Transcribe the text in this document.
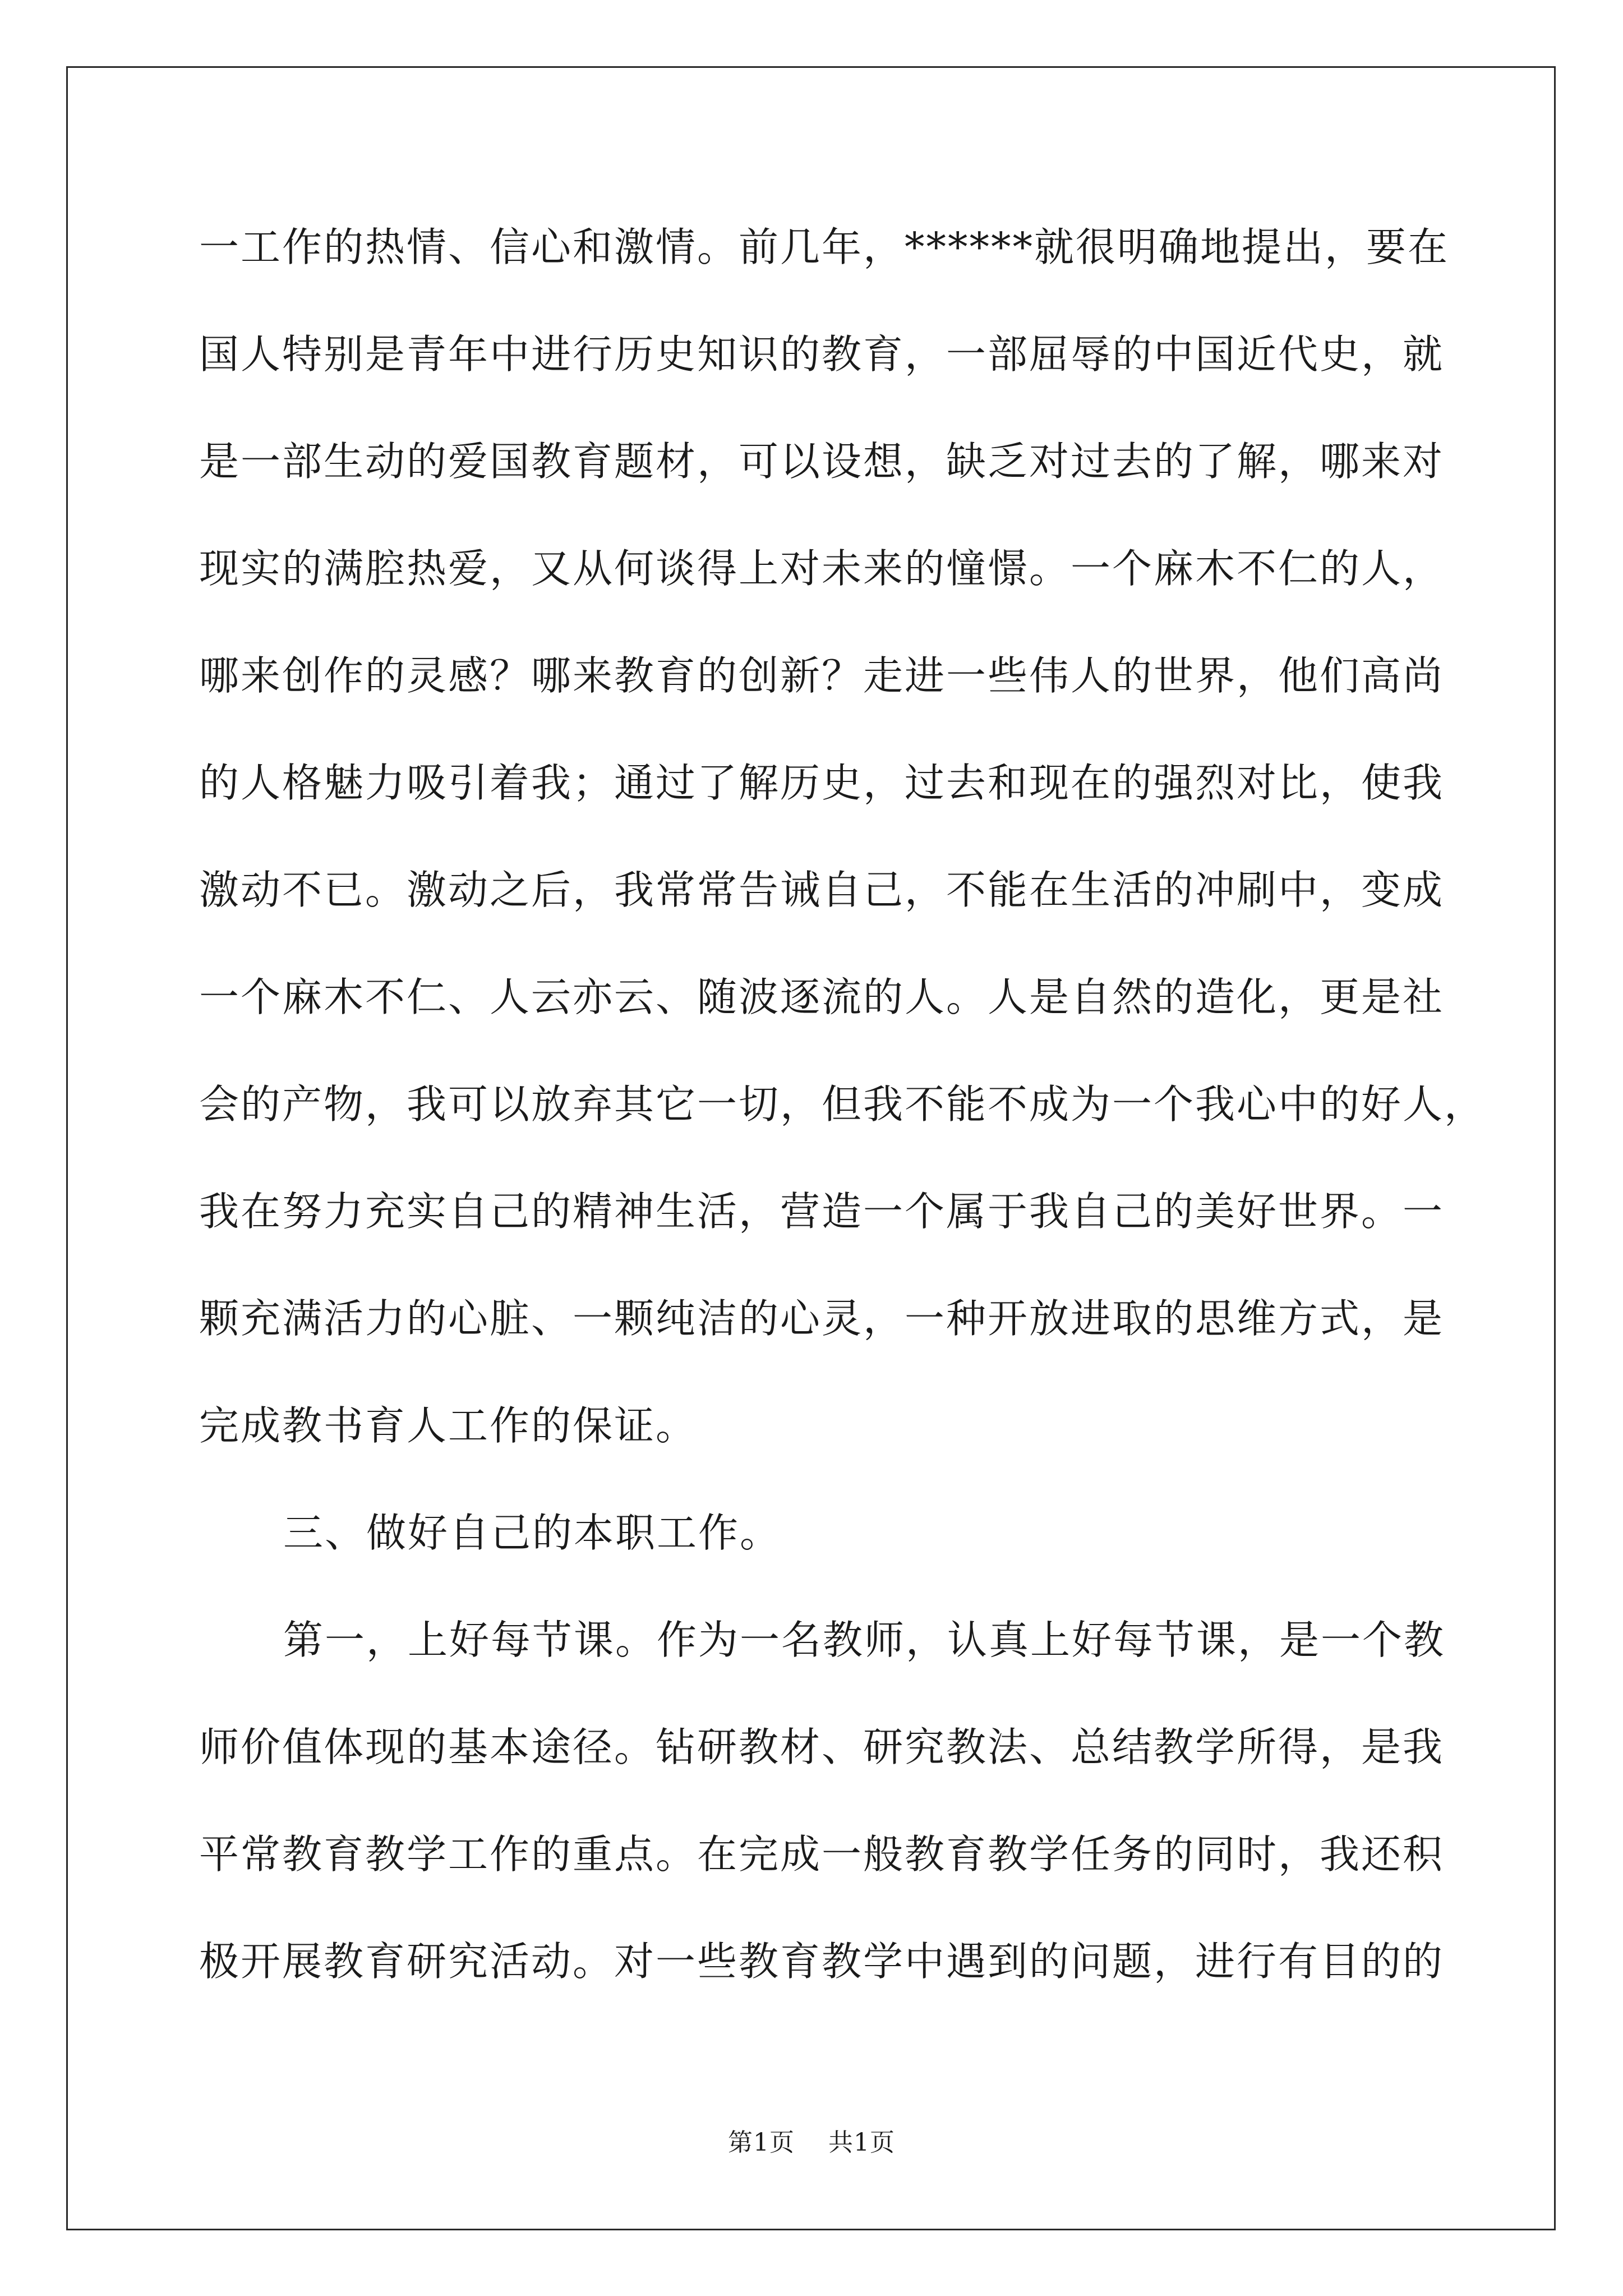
一工作的热情、信心和激情。前几年，******就很明确地提出，要在
国人特别是青年中进行历史知识的教育，一部屈辱的中国近代史，就
是一部生动的爱国教育题材，可以设想，缺乏对过去的了解，哪来对
现实的满腔热爱，又从何谈得上对未来的憧憬。一个麻木不仁的人，
哪来创作的灵感？哪来教育的创新？走进一些伟人的世界，他们高尚
的人格魅力吸引着我；通过了解历史，过去和现在的强烈对比，使我
激动不已。激动之后，我常常告诫自己，不能在生活的冲刷中，变成
一个麻木不仁、人云亦云、随波逐流的人。人是自然的造化，更是社
会的产物，我可以放弃其它一切，但我不能不成为一个我心中的好人，
我在努力充实自己的精神生活，营造一个属于我自己的美好世界。一
颗充满活力的心脏、一颗纯洁的心灵，一种开放进取的思维方式，是
完成教书育人工作的保证。
三、做好自己的本职工作。
第一，上好每节课。作为一名教师，认真上好每节课，是一个教
师价值体现的基本途径。钻研教材、研究教法、总结教学所得，是我
平常教育教学工作的重点。在完成一般教育教学任务的同时，我还积
极开展教育研究活动。对一些教育教学中遇到的问题，进行有目的的
第1页 共1页
